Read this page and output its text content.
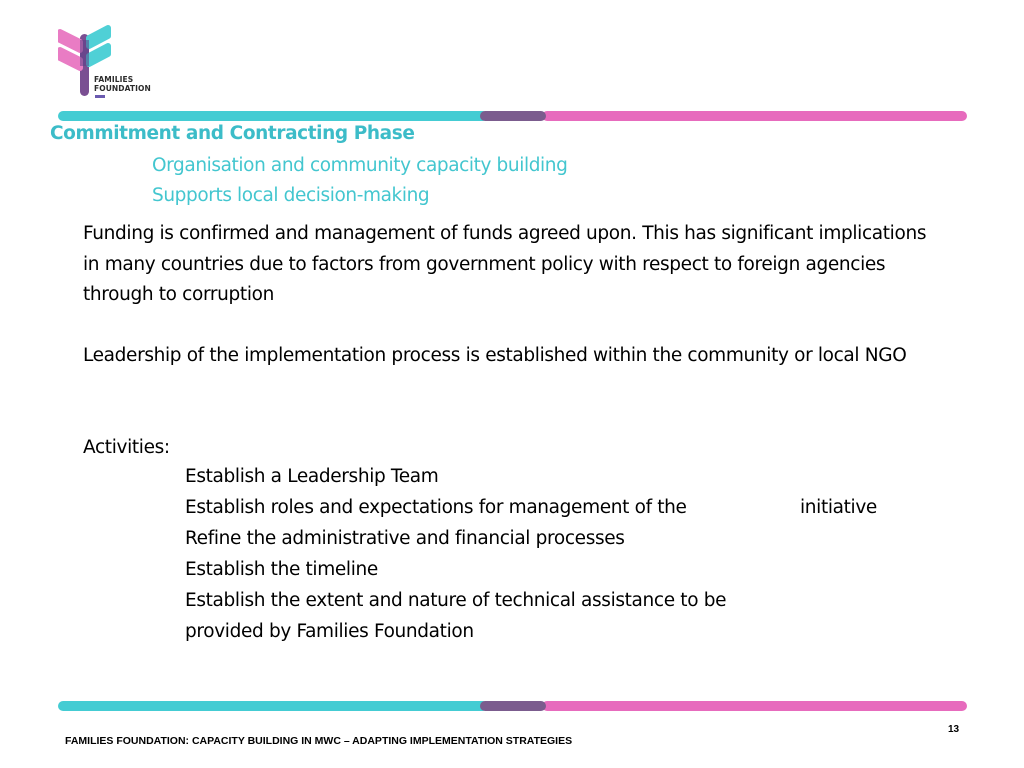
FAMILIES
FOUNDATION
Commitment and Contracting Phase
Organisation and community capacity building
Supports local decision-making
Funding is confirmed and management of funds agreed upon. This has significant implications in many countries due to factors from government policy with respect to foreign agencies through to corruption
Leadership of the implementation process is established within the community or local NGO
Activities:
Establish a Leadership Team
Establish roles and expectations for management of the	initiative
Refine the administrative and financial processes
Establish the timeline
Establish the extent and nature of technical assistance to be
provided by Families Foundation
13
FAMILIES FOUNDATION: CAPACITY BUILDING IN MWC – ADAPTING IMPLEMENTATION STRATEGIES
